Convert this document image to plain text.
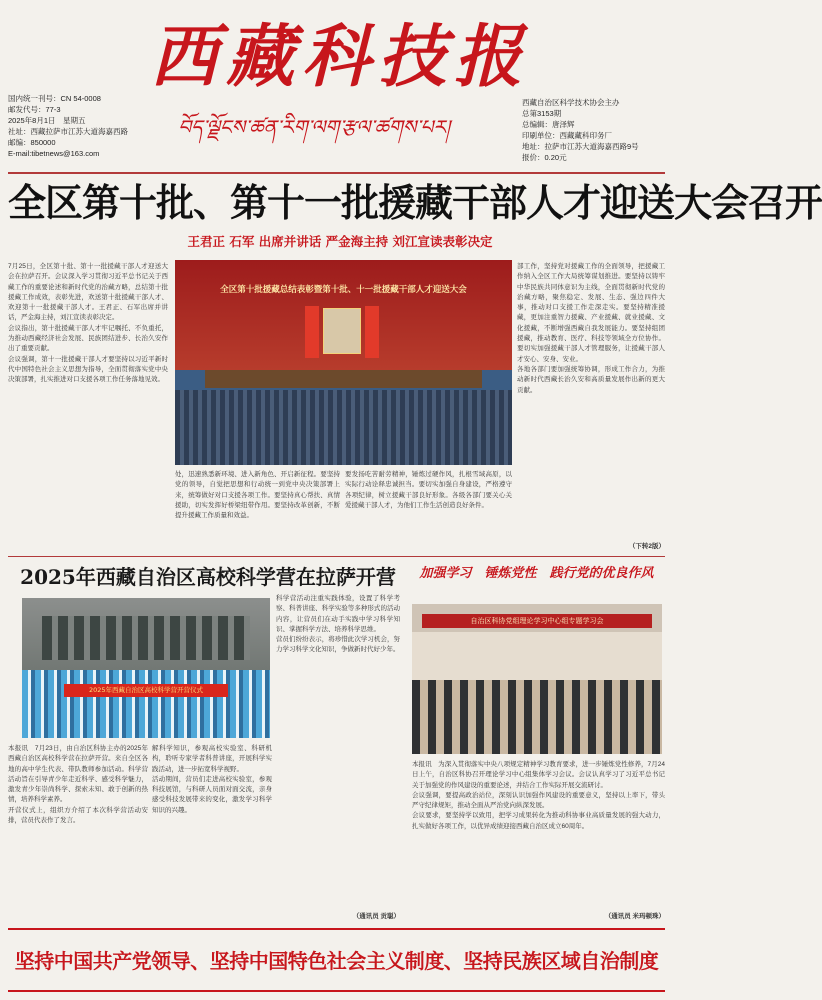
西藏科技报
བོད་ལྗོངས་ཚན་རིག་ལག་རྩལ་ཚགས་པར།
国内统一刊号：CN 54-0008
邮发代号：77-3
2025年8月1日　星期五
社址：西藏拉萨市江苏大道海嘉西路
邮编：850000
E-mail:tibetnews@163.com
西藏自治区科学技术协会主办
总第3153期
总编辑：唐泽辉
印刷单位：西藏藏科印务厂
地址：拉萨市江苏大道海嘉西路9号
报价：0.20元
全区第十批、第十一批援藏干部人才迎送大会召开
王君正 石军 出席并讲话 严金海主持 刘江宣读表彰决定
7月25日，全区第十批、第十一批援藏干部人才迎送大会在拉萨召开。会议深入学习贯彻习近平总书记关于西藏工作的重要论述和新时代党的治藏方略，总结第十批援藏工作成效，表彰先进，欢送第十批援藏干部人才、欢迎第十一批援藏干部人才。王君正、石军出席并讲话，严金海主持，刘江宣读表彰决定。
会议指出，第十批援藏干部人才牢记嘱托、不负重托，为推动西藏经济社会发展、民族团结进步、长治久安作出了重要贡献。
会议强调，第十一批援藏干部人才要坚持以习近平新时代中国特色社会主义思想为指导，全面贯彻落实党中央决策部署，扎实推进对口支援各项工作任务落地见效。
全区第十批援藏总结表彰暨第十批、十一批援藏干部人才迎送大会
处，迅速熟悉新环境、进入新角色、开启新征程。要坚持党的领导，自觉把思想和行动统一到党中央决策部署上来，统筹做好对口支援各项工作。要坚持真心帮扶、真情援助，切实发挥好桥梁纽带作用。要坚持改革创新，不断提升援藏工作质量和效益。
要发扬吃苦耐劳精神，锤炼过硬作风，扎根雪域高原，以实际行动诠释忠诚担当。要切实加强自身建设，严格遵守各项纪律，树立援藏干部良好形象。各级各部门要关心关爱援藏干部人才，为他们工作生活创造良好条件。
部工作，坚持党对援藏工作的全面领导，把援藏工作纳入全区工作大局统筹谋划推进。要坚持以铸牢中华民族共同体意识为主线，全面贯彻新时代党的治藏方略，聚焦稳定、发展、生态、强边四件大事，推动对口支援工作走深走实。要坚持精准援藏，更加注重智力援藏、产业援藏、就业援藏、文化援藏，不断增强西藏自我发展能力。要坚持组团援藏，推动教育、医疗、科技等领域全方位协作。要切实加强援藏干部人才管理服务，让援藏干部人才安心、安身、安业。
各地各部门要加强统筹协调，形成工作合力，为推动新时代西藏长治久安和高质量发展作出新的更大贡献。
（下转2版）
2025年西藏自治区高校科学营在拉萨开营
2025年西藏自治区高校科学营开营仪式
本报讯　7月23日，由自治区科协主办的2025年西藏自治区高校科学营在拉萨开营。来自全区各地的高中学生代表、带队教师参加活动。科学营活动旨在引导青少年走近科学、感受科学魅力，激发青少年崇尚科学、探索未知、敢于创新的热情，培养科学素养。
开营仪式上，组织方介绍了本次科学营活动安排，营员代表作了发言。
解科学知识，参观高校实验室、科研机构，聆听专家学者科普讲座，开展科学实践活动，进一步拓宽科学视野。
活动期间，营员们走进高校实验室，参观科技展馆，与科研人员面对面交流，亲身感受科技发展带来的变化，激发学习科学知识的兴趣。
科学营活动注重实践体验，设置了科学考察、科普讲座、科学实验等多种形式的活动内容，让营员们在动手实践中学习科学知识、掌握科学方法、培养科学思维。
营员们纷纷表示，将珍惜此次学习机会，努力学习科学文化知识，争做新时代好少年。
（通讯员 贡聪）
加强学习　锤炼党性　践行党的优良作风
自治区科协党组理论学习中心组专题学习会
本报讯　为深入贯彻落实中央八项规定精神学习教育要求，进一步锤炼党性修养，7月24日上午，自治区科协召开理论学习中心组集体学习会议。会议认真学习了习近平总书记关于加强党的作风建设的重要论述，并结合工作实际开展交流研讨。
会议强调，要提高政治站位，深刻认识加强作风建设的重要意义，坚持以上率下，带头严守纪律规矩，推动全面从严治党向纵深发展。
会议要求，要坚持学以致用，把学习成果转化为推动科协事业高质量发展的强大动力，扎实做好各项工作，以优异成绩迎接西藏自治区成立60周年。
（通讯员 米玛顿珠）
坚持中国共产党领导、坚持中国特色社会主义制度、坚持民族区域自治制度
